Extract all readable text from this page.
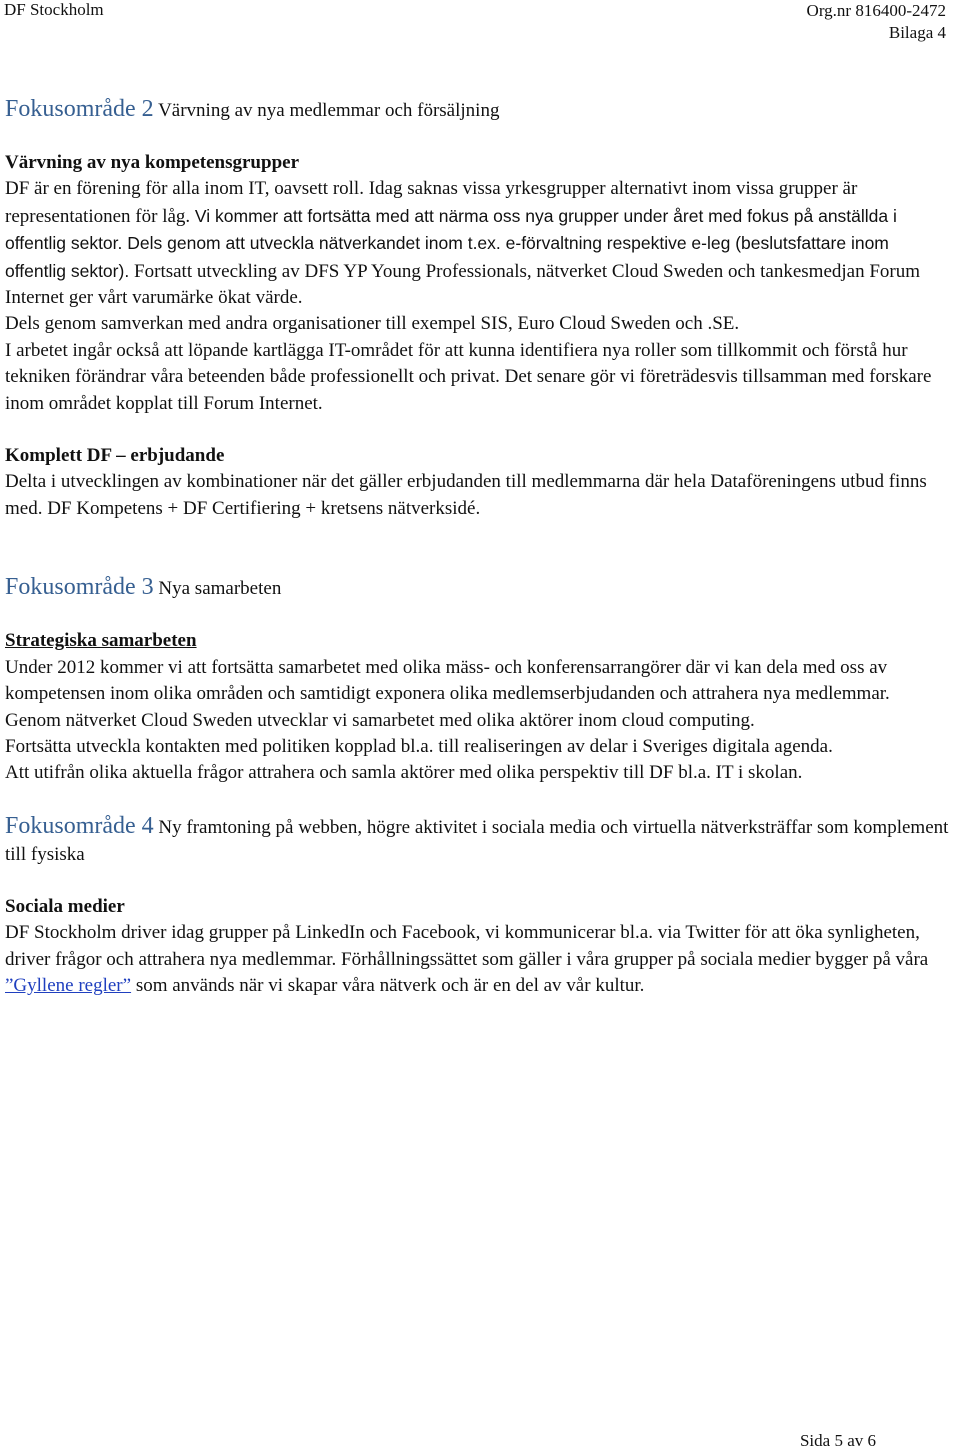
DF Stockholm	Org.nr 816400-2472
Bilaga 4
Fokusområde 2 Värvning av nya medlemmar och försäljning

Värvning av nya kompetensgrupper

DF är en förening för alla inom IT, oavsett roll. Idag saknas vissa yrkesgrupper alternativt inom vissa grupper är representationen för låg. Vi kommer att fortsätta med att närma oss nya grupper under året med fokus på anställda i offentlig sektor. Dels genom att utveckla nätverkandet inom t.ex. e-förvaltning respektive e-leg (beslutsfattare inom offentlig sektor). Fortsatt utveckling av DFS YP Young Professionals, nätverket Cloud Sweden och tankesmedjan Forum Internet ger vårt varumärke ökat värde.

Dels genom samverkan med andra organisationer till exempel SIS, Euro Cloud Sweden och .SE.

I arbetet ingår också att löpande kartlägga IT-området för att kunna identifiera nya roller som tillkommit och förstå hur tekniken förändrar våra beteenden både professionellt och privat. Det senare gör vi företrädesvis tillsamman med forskare inom området kopplat till Forum Internet.

Komplett DF – erbjudande

Delta i utvecklingen av kombinationer när det gäller erbjudanden till medlemmarna där hela Dataföreningens utbud finns med. DF Kompetens + DF Certifiering + kretsens nätverksidé.

Fokusområde 3 Nya samarbeten

Strategiska samarbeten

Under 2012 kommer vi att fortsätta samarbetet med olika mäss- och konferensarrangörer där vi kan dela med oss av kompetensen inom olika områden och samtidigt exponera olika medlemserbjudanden och attrahera nya medlemmar.

Genom nätverket Cloud Sweden utvecklar vi samarbetet med olika aktörer inom cloud computing.

Fortsätta utveckla kontakten med politiken kopplad bl.a. till realiseringen av delar i Sveriges digitala agenda.

Att utifrån olika aktuella frågor attrahera och samla aktörer med olika perspektiv till DF bl.a. IT i skolan.

Fokusområde 4 Ny framtoning på webben, högre aktivitet i sociala media och virtuella nätverksträffar som komplement till fysiska

Sociala medier

DF Stockholm driver idag grupper på LinkedIn och Facebook, vi kommunicerar bl.a. via Twitter för att öka synligheten, driver frågor och attrahera nya medlemmar. Förhållningssättet som gäller i våra grupper på sociala medier bygger på våra ”Gyllene regler” som används när vi skapar våra nätverk och är en del av vår kultur.

Sida 5 av 6
